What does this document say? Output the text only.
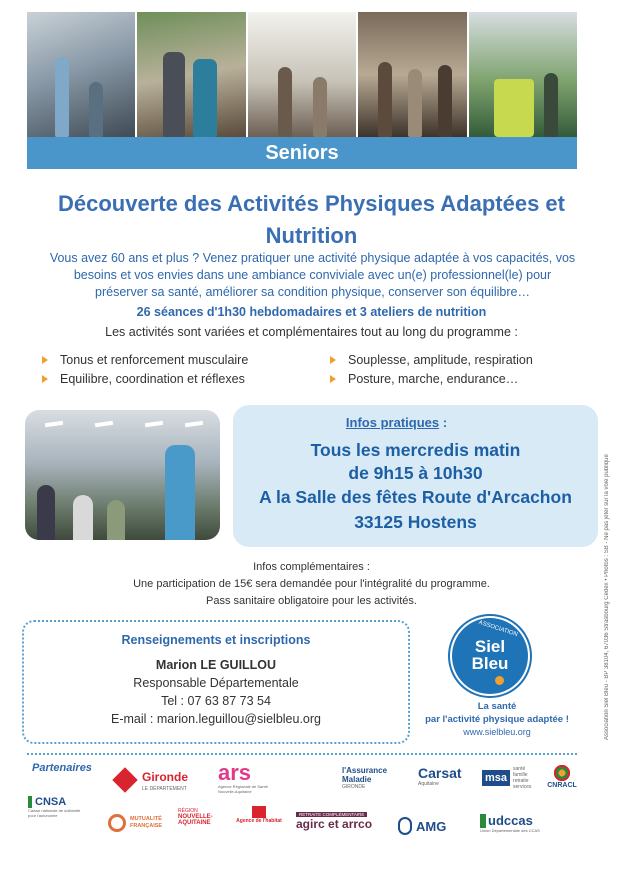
Seniors
Découverte des Activités Physiques Adaptées et
Nutrition
Vous avez 60 ans et plus ? Venez pratiquer une activité physique adaptée à vos capacités, vos
besoins et vos envies dans une ambiance conviviale avec un(e) professionnel(le) pour
préserver sa santé, améliorer sa condition physique, conserver son équilibre…
26 séances d'1h30 hebdomadaires et 3 ateliers de nutrition
Les activités sont variées et complémentaires tout au long du programme :
Tonus et renforcement musculaire
Equilibre, coordination et réflexes
Souplesse, amplitude, respiration
Posture, marche, endurance…
Infos pratiques :
Tous les mercredis matin
de 9h15 à 10h30
A la Salle des fêtes Route d'Arcachon
33125 Hostens	Association Siel Bleu - BP 38104, 67036 Strasbourg Cedex • Photos : SB - Ne pas jeter sur la voie publique
Infos complémentaires :
Une participation de 15€ sera demandée pour l'intégralité du programme.
Pass sanitaire obligatoire pour les activités.
Renseignements et inscriptions
Marion LE GUILLOU
Responsable Départementale
Tel : 07 63 87 73 54
E-mail : marion.leguillou@sielbleu.org
ASSOCIATION
Siel
Bleu
La santé
par l'activité physique adaptée !
www.sielbleu.org
Partenaires
Gironde
LE DÉPARTEMENT
ars
Agence Régionale de Santé Nouvelle-Aquitaine
l'Assurance Maladie
GIRONDE
Carsat
Aquitaine	msa
santé famille retraite services	CNRACL
CNSA
Caisse nationale de solidarité pour l'autonomie
MUTUALITÉ FRANÇAISE
RÉGION
NOUVELLE-AQUITAINE	Agence de l'habitat
RETRAITE COMPLÉMENTAIRE
agirc et arrco	AMG	udccas
Union Départementale des CCAS
